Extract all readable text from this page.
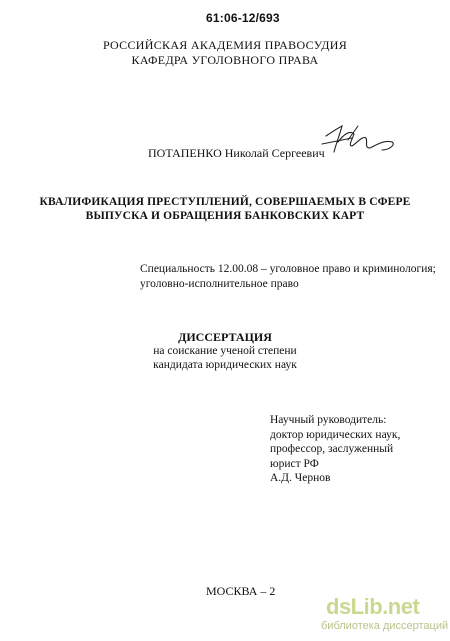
61:06-12/693
РОССИЙСКАЯ АКАДЕМИЯ ПРАВОСУДИЯ
КАФЕДРА УГОЛОВНОГО ПРАВА
ПОТАПЕНКО Николай Сергеевич
КВАЛИФИКАЦИЯ ПРЕСТУПЛЕНИЙ, СОВЕРШАЕМЫХ В СФЕРЕ
ВЫПУСКА И ОБРАЩЕНИЯ БАНКОВСКИХ КАРТ
Специальность 12.00.08 – уголовное право и криминология;
уголовно-исполнительное право
ДИССЕРТАЦИЯ
на соискание ученой степени
кандидата юридических наук
Научный руководитель:
доктор юридических наук,
профессор, заслуженный
юрист РФ
А.Д. Чернов
МОСКВА – 2
dsLib.net
библиотека диссертаций
